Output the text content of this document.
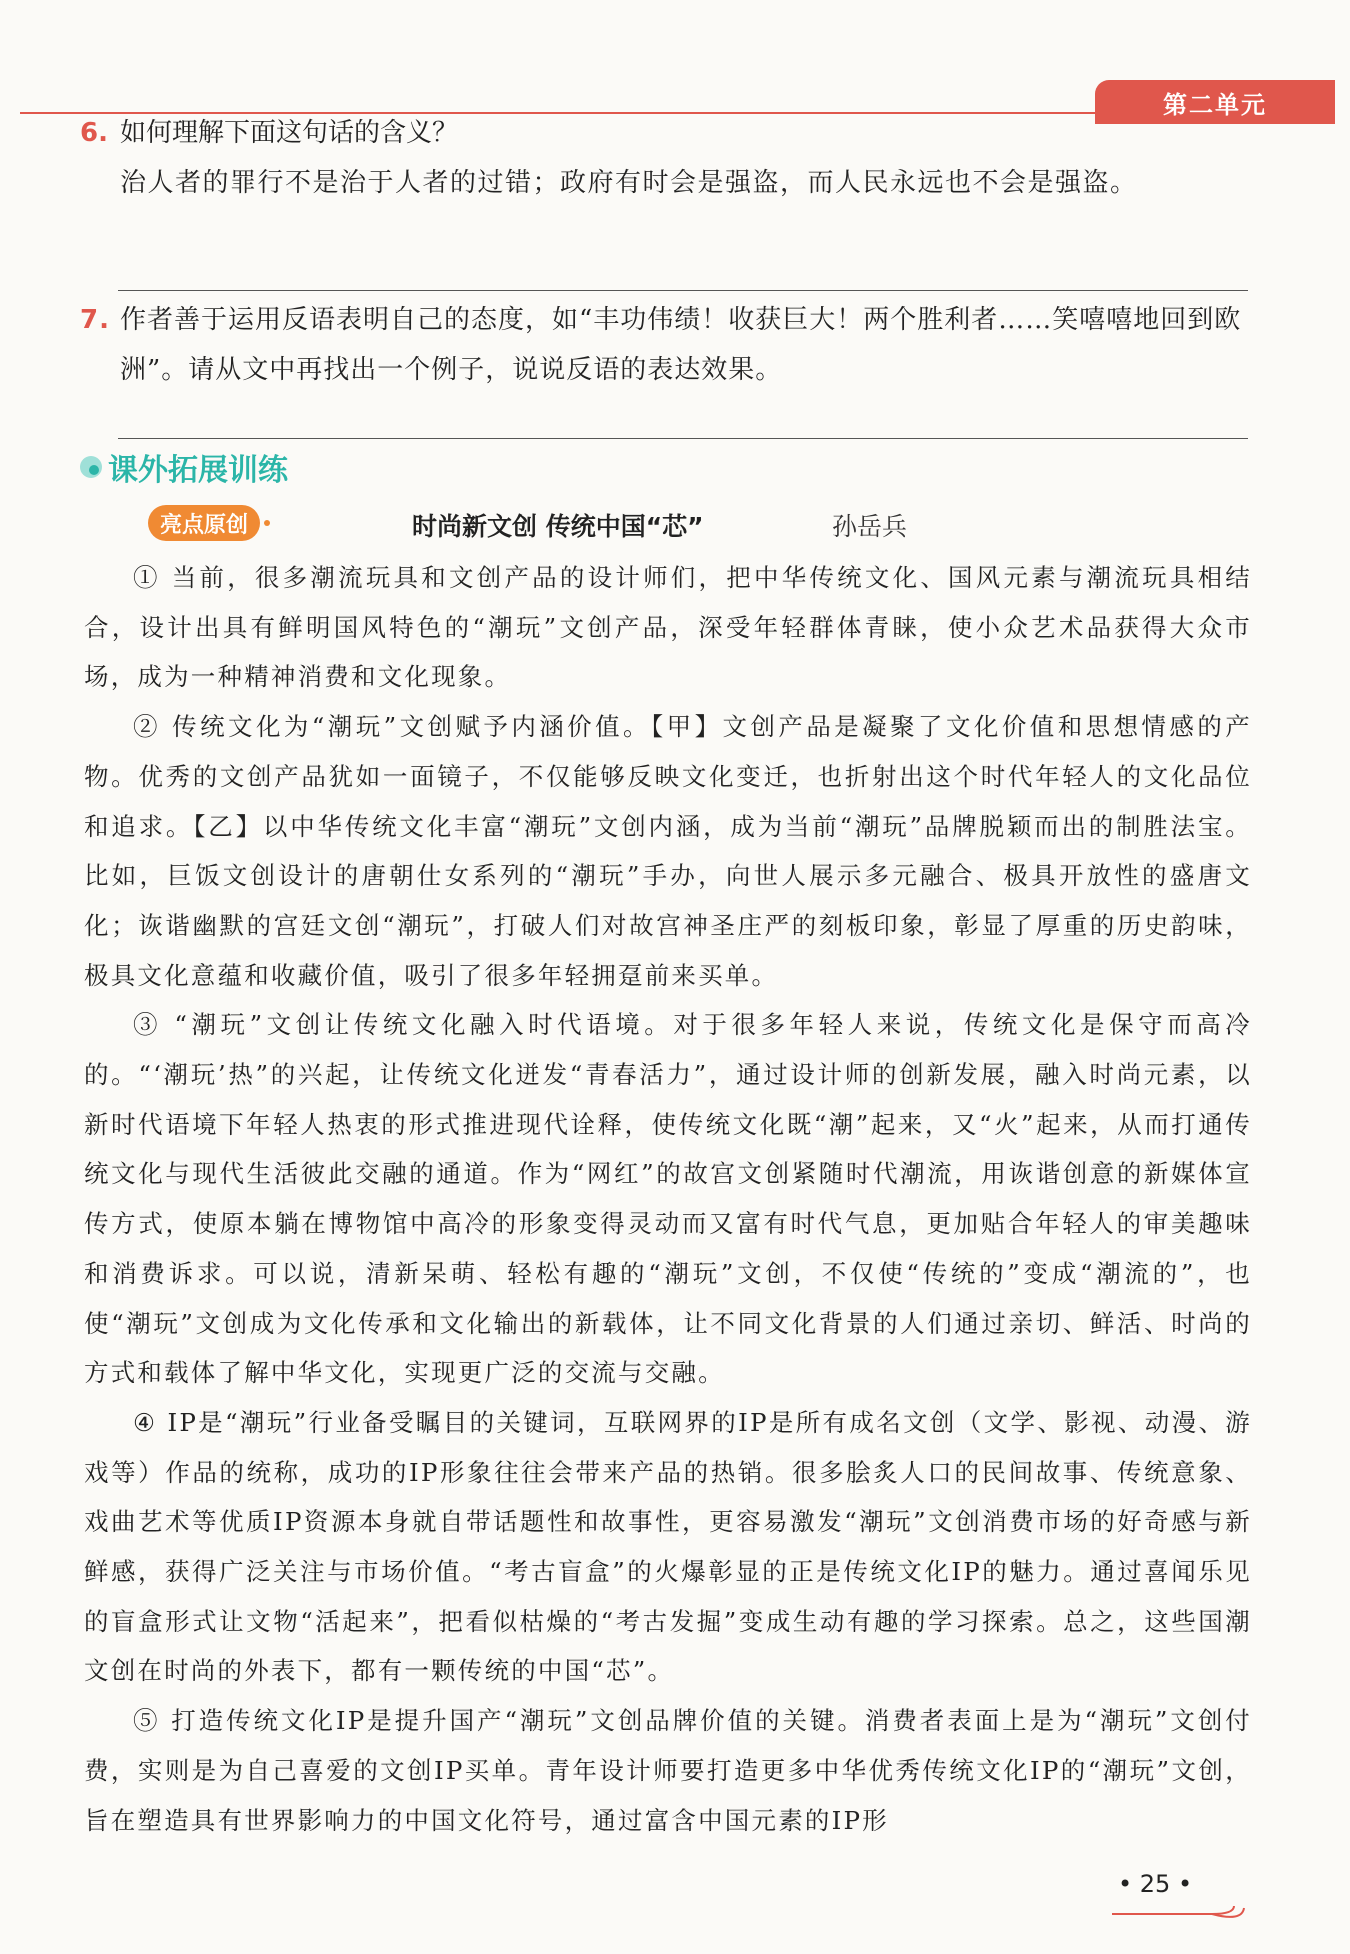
第二单元
6. 如何理解下面这句话的含义？
治人者的罪行不是治于人者的过错；政府有时会是强盗，而人民永远也不会是强盗。
7. 作者善于运用反语表明自己的态度，如“丰功伟绩！收获巨大！两个胜利者……笑嘻嘻地回到欧洲”。请从文中再找出一个例子，说说反语的表达效果。
课外拓展训练
亮点原创	时尚新文创 传统中国“芯”	孙岳兵

① 当前，很多潮流玩具和文创产品的设计师们，把中华传统文化、国风元素与潮流玩具相结合，设计出具有鲜明国风特色的“潮玩”文创产品，深受年轻群体青睐，使小众艺术品获得大众市场，成为一种精神消费和文化现象。

② 传统文化为“潮玩”文创赋予内涵价值。【甲】文创产品是凝聚了文化价值和思想情感的产物。优秀的文创产品犹如一面镜子，不仅能够反映文化变迁，也折射出这个时代年轻人的文化品位和追求。【乙】以中华传统文化丰富“潮玩”文创内涵，成为当前“潮玩”品牌脱颖而出的制胜法宝。比如，巨饭文创设计的唐朝仕女系列的“潮玩”手办，向世人展示多元融合、极具开放性的盛唐文化；诙谐幽默的宫廷文创“潮玩”，打破人们对故宫神圣庄严的刻板印象，彰显了厚重的历史韵味，极具文化意蕴和收藏价值，吸引了很多年轻拥趸前来买单。

③ “潮玩”文创让传统文化融入时代语境。对于很多年轻人来说，传统文化是保守而高冷的。“‘潮玩’热”的兴起，让传统文化迸发“青春活力”，通过设计师的创新发展，融入时尚元素，以新时代语境下年轻人热衷的形式推进现代诠释，使传统文化既“潮”起来，又“火”起来，从而打通传统文化与现代生活彼此交融的通道。作为“网红”的故宫文创紧随时代潮流，用诙谐创意的新媒体宣传方式，使原本躺在博物馆中高冷的形象变得灵动而又富有时代气息，更加贴合年轻人的审美趣味和消费诉求。可以说，清新呆萌、轻松有趣的“潮玩”文创，不仅使“传统的”变成“潮流的”，也使“潮玩”文创成为文化传承和文化输出的新载体，让不同文化背景的人们通过亲切、鲜活、时尚的方式和载体了解中华文化，实现更广泛的交流与交融。

④ IP是“潮玩”行业备受瞩目的关键词，互联网界的IP是所有成名文创（文学、影视、动漫、游戏等）作品的统称，成功的IP形象往往会带来产品的热销。很多脍炙人口的民间故事、传统意象、戏曲艺术等优质IP资源本身就自带话题性和故事性，更容易激发“潮玩”文创消费市场的好奇感与新鲜感，获得广泛关注与市场价值。“考古盲盒”的火爆彰显的正是传统文化IP的魅力。通过喜闻乐见的盲盒形式让文物“活起来”，把看似枯燥的“考古发掘”变成生动有趣的学习探索。总之，这些国潮文创在时尚的外表下，都有一颗传统的中国“芯”。

⑤ 打造传统文化IP是提升国产“潮玩”文创品牌价值的关键。消费者表面上是为“潮玩”文创付费，实则是为自己喜爱的文创IP买单。青年设计师要打造更多中华优秀传统文化IP的“潮玩”文创，旨在塑造具有世界影响力的中国文化符号，通过富含中国元素的IP形

• 25 •
